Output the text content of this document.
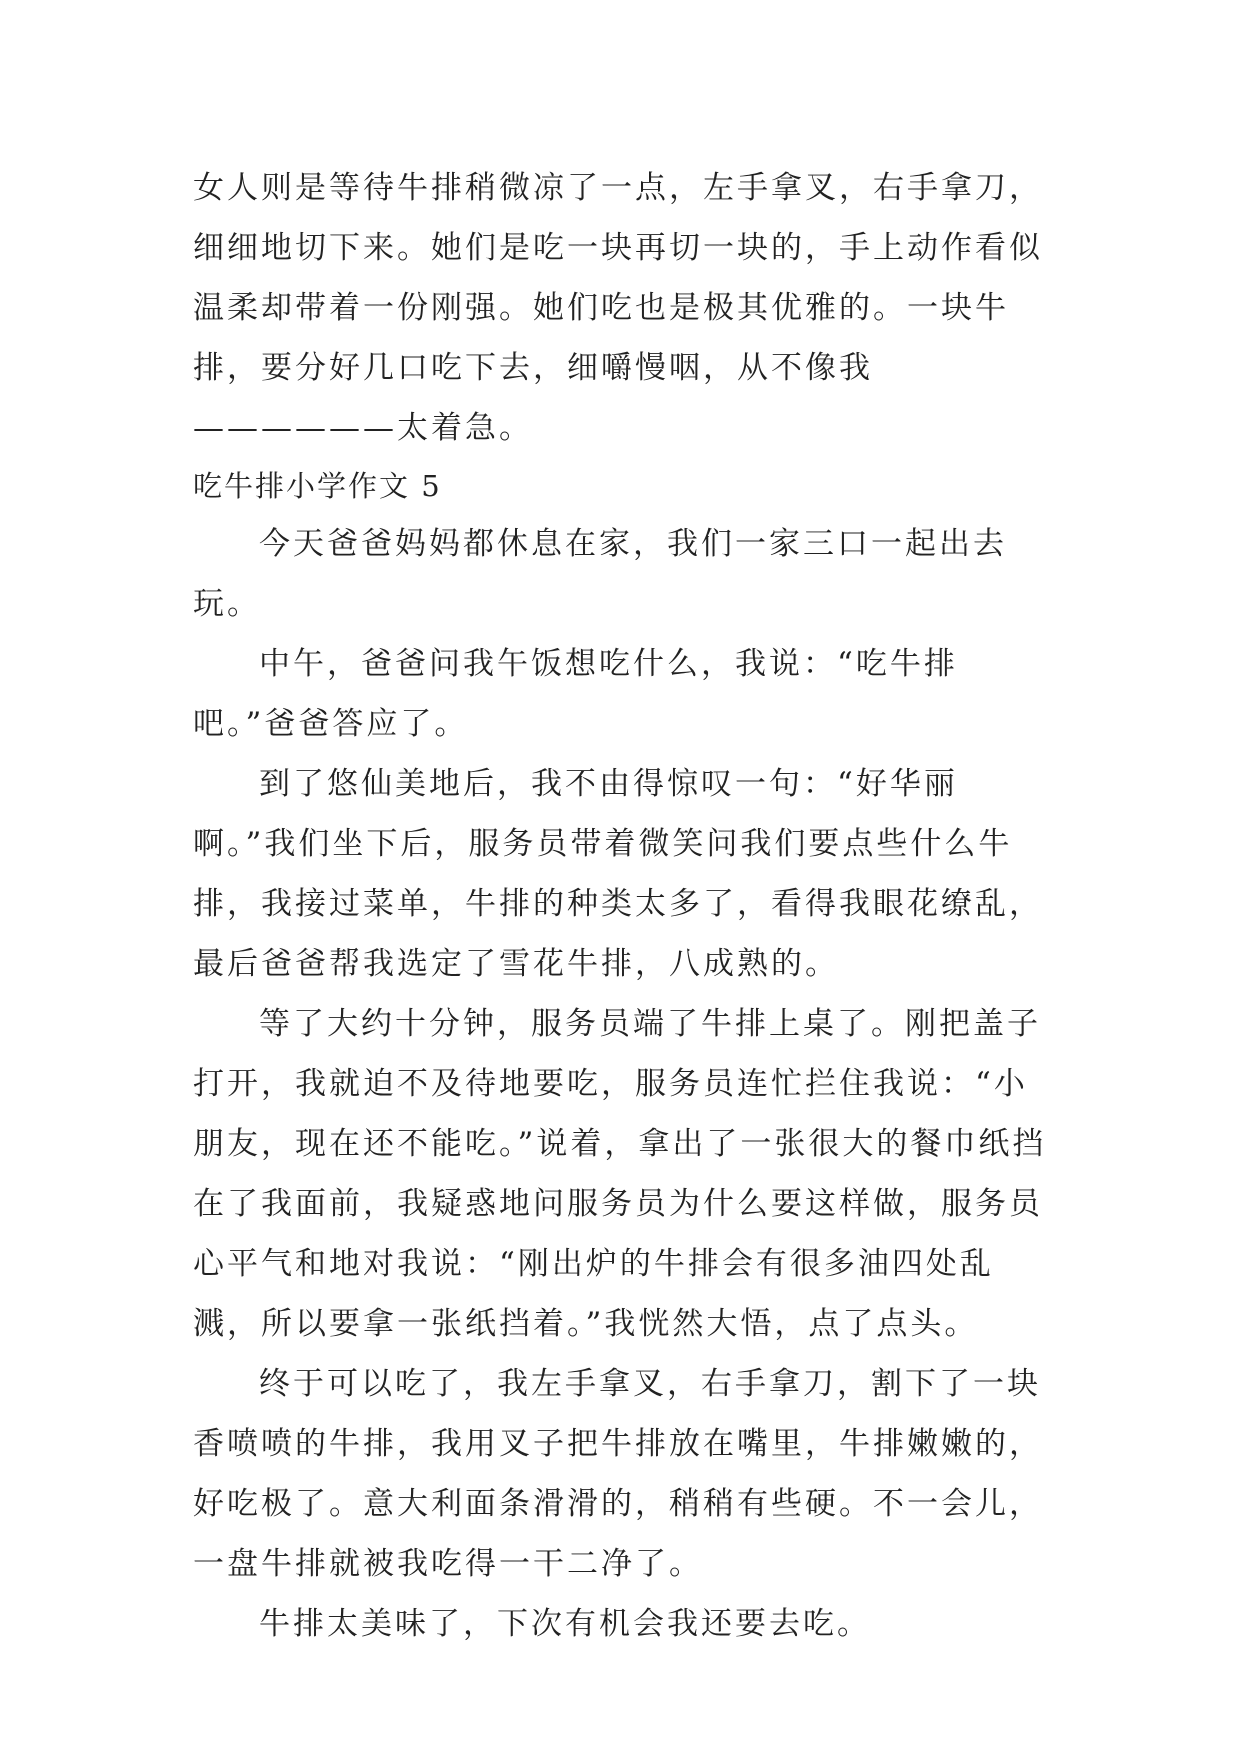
女人则是等待牛排稍微凉了一点，左手拿叉，右手拿刀，细细地切下来。她们是吃一块再切一块的，手上动作看似温柔却带着一份刚强。她们吃也是极其优雅的。一块牛排，要分好几口吃下去，细嚼慢咽，从不像我——————太着急。

吃牛排小学作文 5

今天爸爸妈妈都休息在家，我们一家三口一起出去玩。

中午，爸爸问我午饭想吃什么，我说：“吃牛排吧。”爸爸答应了。

到了悠仙美地后，我不由得惊叹一句：“好华丽啊。”我们坐下后，服务员带着微笑问我们要点些什么牛排，我接过菜单，牛排的种类太多了，看得我眼花缭乱，最后爸爸帮我选定了雪花牛排，八成熟的。

等了大约十分钟，服务员端了牛排上桌了。刚把盖子打开，我就迫不及待地要吃，服务员连忙拦住我说：“小朋友，现在还不能吃。”说着，拿出了一张很大的餐巾纸挡在了我面前，我疑惑地问服务员为什么要这样做，服务员心平气和地对我说：“刚出炉的牛排会有很多油四处乱溅，所以要拿一张纸挡着。”我恍然大悟，点了点头。

终于可以吃了，我左手拿叉，右手拿刀，割下了一块香喷喷的牛排，我用叉子把牛排放在嘴里，牛排嫩嫩的，好吃极了。意大利面条滑滑的，稍稍有些硬。不一会儿，一盘牛排就被我吃得一干二净了。

牛排太美味了，下次有机会我还要去吃。
